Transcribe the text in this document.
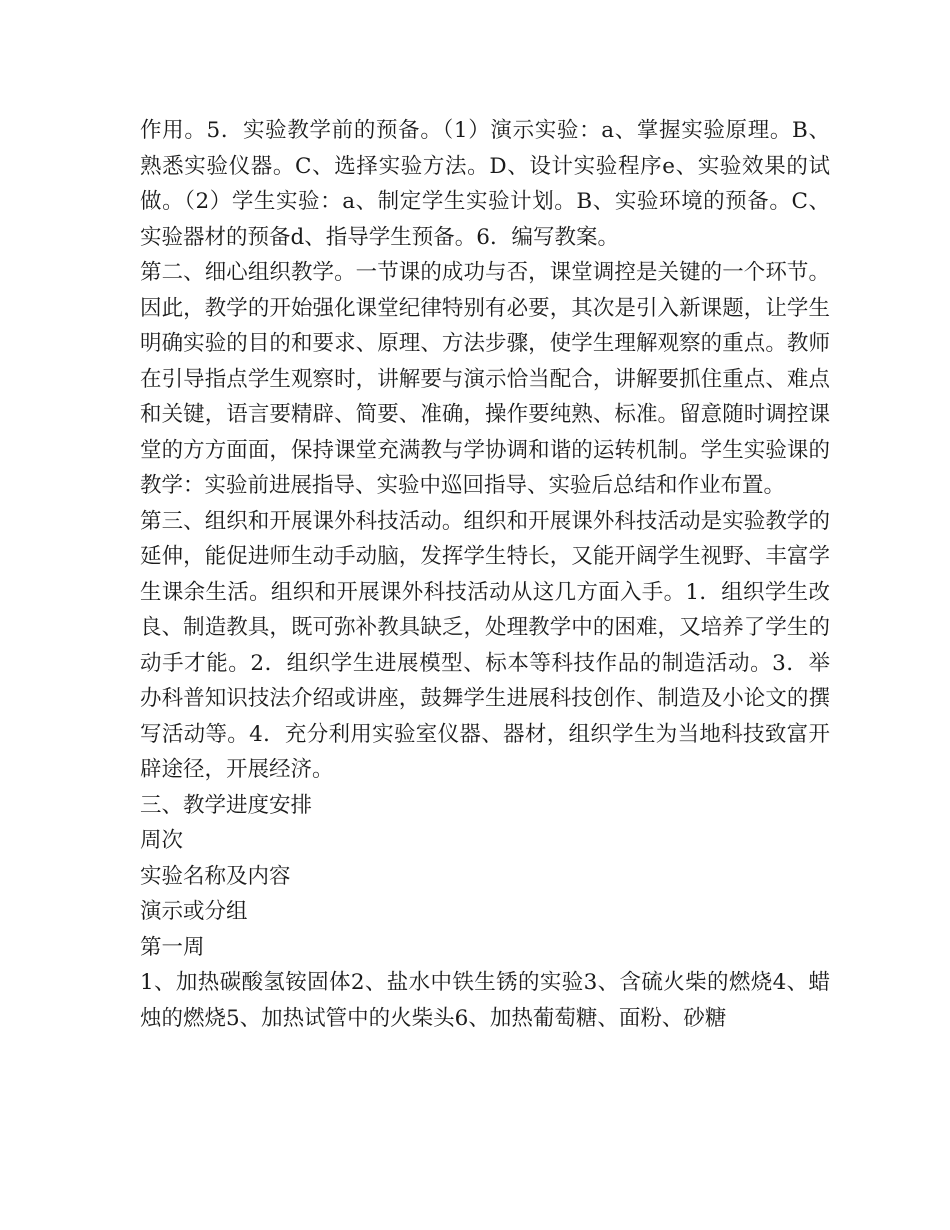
作用。5．实验教学前的预备。（1）演示实验：a、掌握实验原理。B、熟悉实验仪器。C、选择实验方法。D、设计实验程序e、实验效果的试做。（2）学生实验：a、制定学生实验计划。B、实验环境的预备。C、实验器材的预备d、指导学生预备。6．编写教案。

第二、细心组织教学。一节课的成功与否，课堂调控是关键的一个环节。因此，教学的开始强化课堂纪律特别有必要，其次是引入新课题，让学生明确实验的目的和要求、原理、方法步骤，使学生理解观察的重点。教师在引导指点学生观察时，讲解要与演示恰当配合，讲解要抓住重点、难点和关键，语言要精辟、简要、准确，操作要纯熟、标准。留意随时调控课堂的方方面面，保持课堂充满教与学协调和谐的运转机制。学生实验课的教学：实验前进展指导、实验中巡回指导、实验后总结和作业布置。

第三、组织和开展课外科技活动。组织和开展课外科技活动是实验教学的延伸，能促进师生动手动脑，发挥学生特长，又能开阔学生视野、丰富学生课余生活。组织和开展课外科技活动从这几方面入手。1．组织学生改良、制造教具，既可弥补教具缺乏，处理教学中的困难，又培养了学生的动手才能。2．组织学生进展模型、标本等科技作品的制造活动。3．举办科普知识技法介绍或讲座，鼓舞学生进展科技创作、制造及小论文的撰写活动等。4．充分利用实验室仪器、器材，组织学生为当地科技致富开辟途径，开展经济。

三、教学进度安排

周次

实验名称及内容

演示或分组

第一周

1、加热碳酸氢铵固体2、盐水中铁生锈的实验3、含硫火柴的燃烧4、蜡烛的燃烧5、加热试管中的火柴头6、加热葡萄糖、面粉、砂糖
